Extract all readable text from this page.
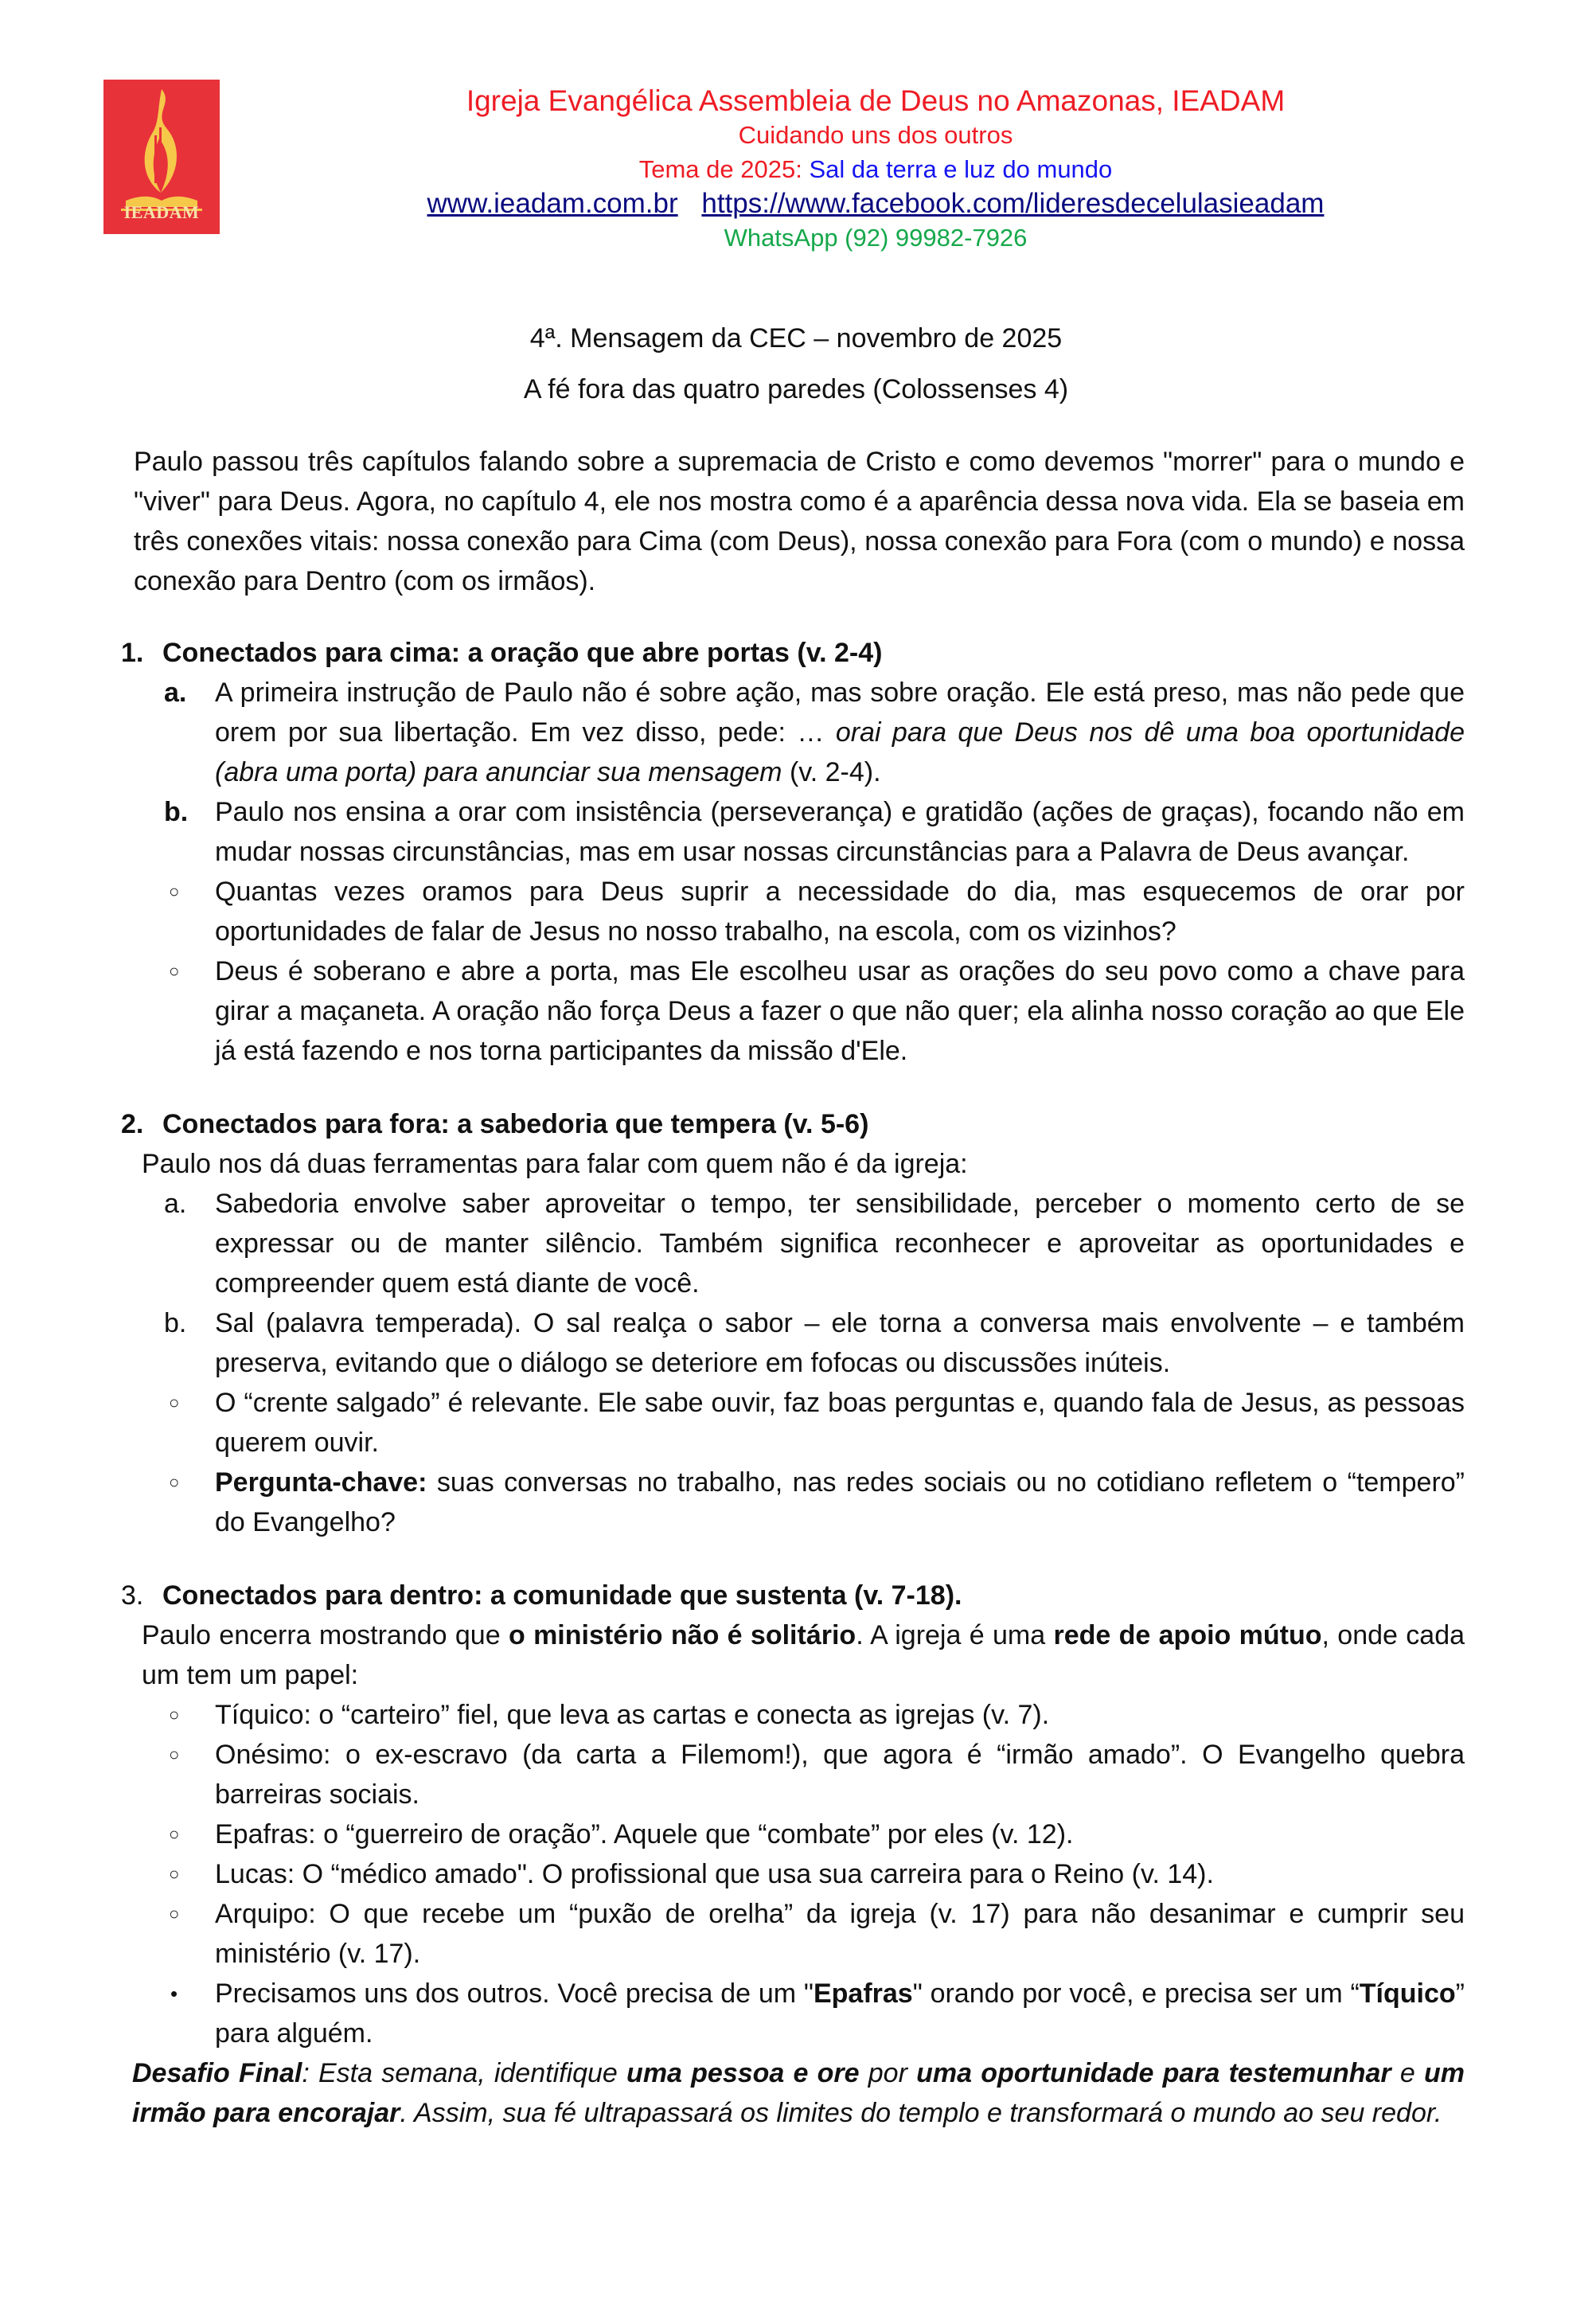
IEADAM
Igreja Evangélica Assembleia de Deus no Amazonas, IEADAM
Cuidando uns dos outros
Tema de 2025: Sal da terra e luz do mundo
www.ieadam.com.br https://www.facebook.com/lideresdecelulasieadam
WhatsApp (92) 99982-7926
4ª. Mensagem da CEC – novembro de 2025
A fé fora das quatro paredes (Colossenses 4)

Paulo passou três capítulos falando sobre a supremacia de Cristo e como devemos "morrer" para o mundo e "viver" para Deus. Agora, no capítulo 4, ele nos mostra como é a aparência dessa nova vida. Ela se baseia em três conexões vitais: nossa conexão para Cima (com Deus), nossa conexão para Fora (com o mundo) e nossa conexão para Dentro (com os irmãos).

1. Conectados para cima: a oração que abre portas (v. 2-4)
a. A primeira instrução de Paulo não é sobre ação, mas sobre oração. Ele está preso, mas não pede que orem por sua libertação. Em vez disso, pede: … orai para que Deus nos dê uma boa oportunidade (abra uma porta) para anunciar sua mensagem (v. 2-4).
b. Paulo nos ensina a orar com insistência (perseverança) e gratidão (ações de graças), focando não em mudar nossas circunstâncias, mas em usar nossas circunstâncias para a Palavra de Deus avançar.
○ Quantas vezes oramos para Deus suprir a necessidade do dia, mas esquecemos de orar por oportunidades de falar de Jesus no nosso trabalho, na escola, com os vizinhos?
○ Deus é soberano e abre a porta, mas Ele escolheu usar as orações do seu povo como a chave para girar a maçaneta. A oração não força Deus a fazer o que não quer; ela alinha nosso coração ao que Ele já está fazendo e nos torna participantes da missão d'Ele.
2. Conectados para fora: a sabedoria que tempera (v. 5-6)
Paulo nos dá duas ferramentas para falar com quem não é da igreja:
a. Sabedoria envolve saber aproveitar o tempo, ter sensibilidade, perceber o momento certo de se expressar ou de manter silêncio. Também significa reconhecer e aproveitar as oportunidades e compreender quem está diante de você.
b. Sal (palavra temperada). O sal realça o sabor – ele torna a conversa mais envolvente – e também preserva, evitando que o diálogo se deteriore em fofocas ou discussões inúteis.
○ O “crente salgado” é relevante. Ele sabe ouvir, faz boas perguntas e, quando fala de Jesus, as pessoas querem ouvir.
○ Pergunta-chave: suas conversas no trabalho, nas redes sociais ou no cotidiano refletem o “tempero” do Evangelho?
3. Conectados para dentro: a comunidade que sustenta (v. 7-18).
Paulo encerra mostrando que o ministério não é solitário. A igreja é uma rede de apoio mútuo, onde cada um tem um papel:
○ Tíquico: o “carteiro” fiel, que leva as cartas e conecta as igrejas (v. 7).
○ Onésimo: o ex-escravo (da carta a Filemom!), que agora é “irmão amado”. O Evangelho quebra barreiras sociais.
○ Epafras: o “guerreiro de oração”. Aquele que “combate” por eles (v. 12).
○ Lucas: O “médico amado". O profissional que usa sua carreira para o Reino (v. 14).
○ Arquipo: O que recebe um “puxão de orelha” da igreja (v. 17) para não desanimar e cumprir seu ministério (v. 17).
• Precisamos uns dos outros. Você precisa de um "Epafras" orando por você, e precisa ser um “Tíquico” para alguém.
Desafio Final: Esta semana, identifique uma pessoa e ore por uma oportunidade para testemunhar e um irmão para encorajar. Assim, sua fé ultrapassará os limites do templo e transformará o mundo ao seu redor.
